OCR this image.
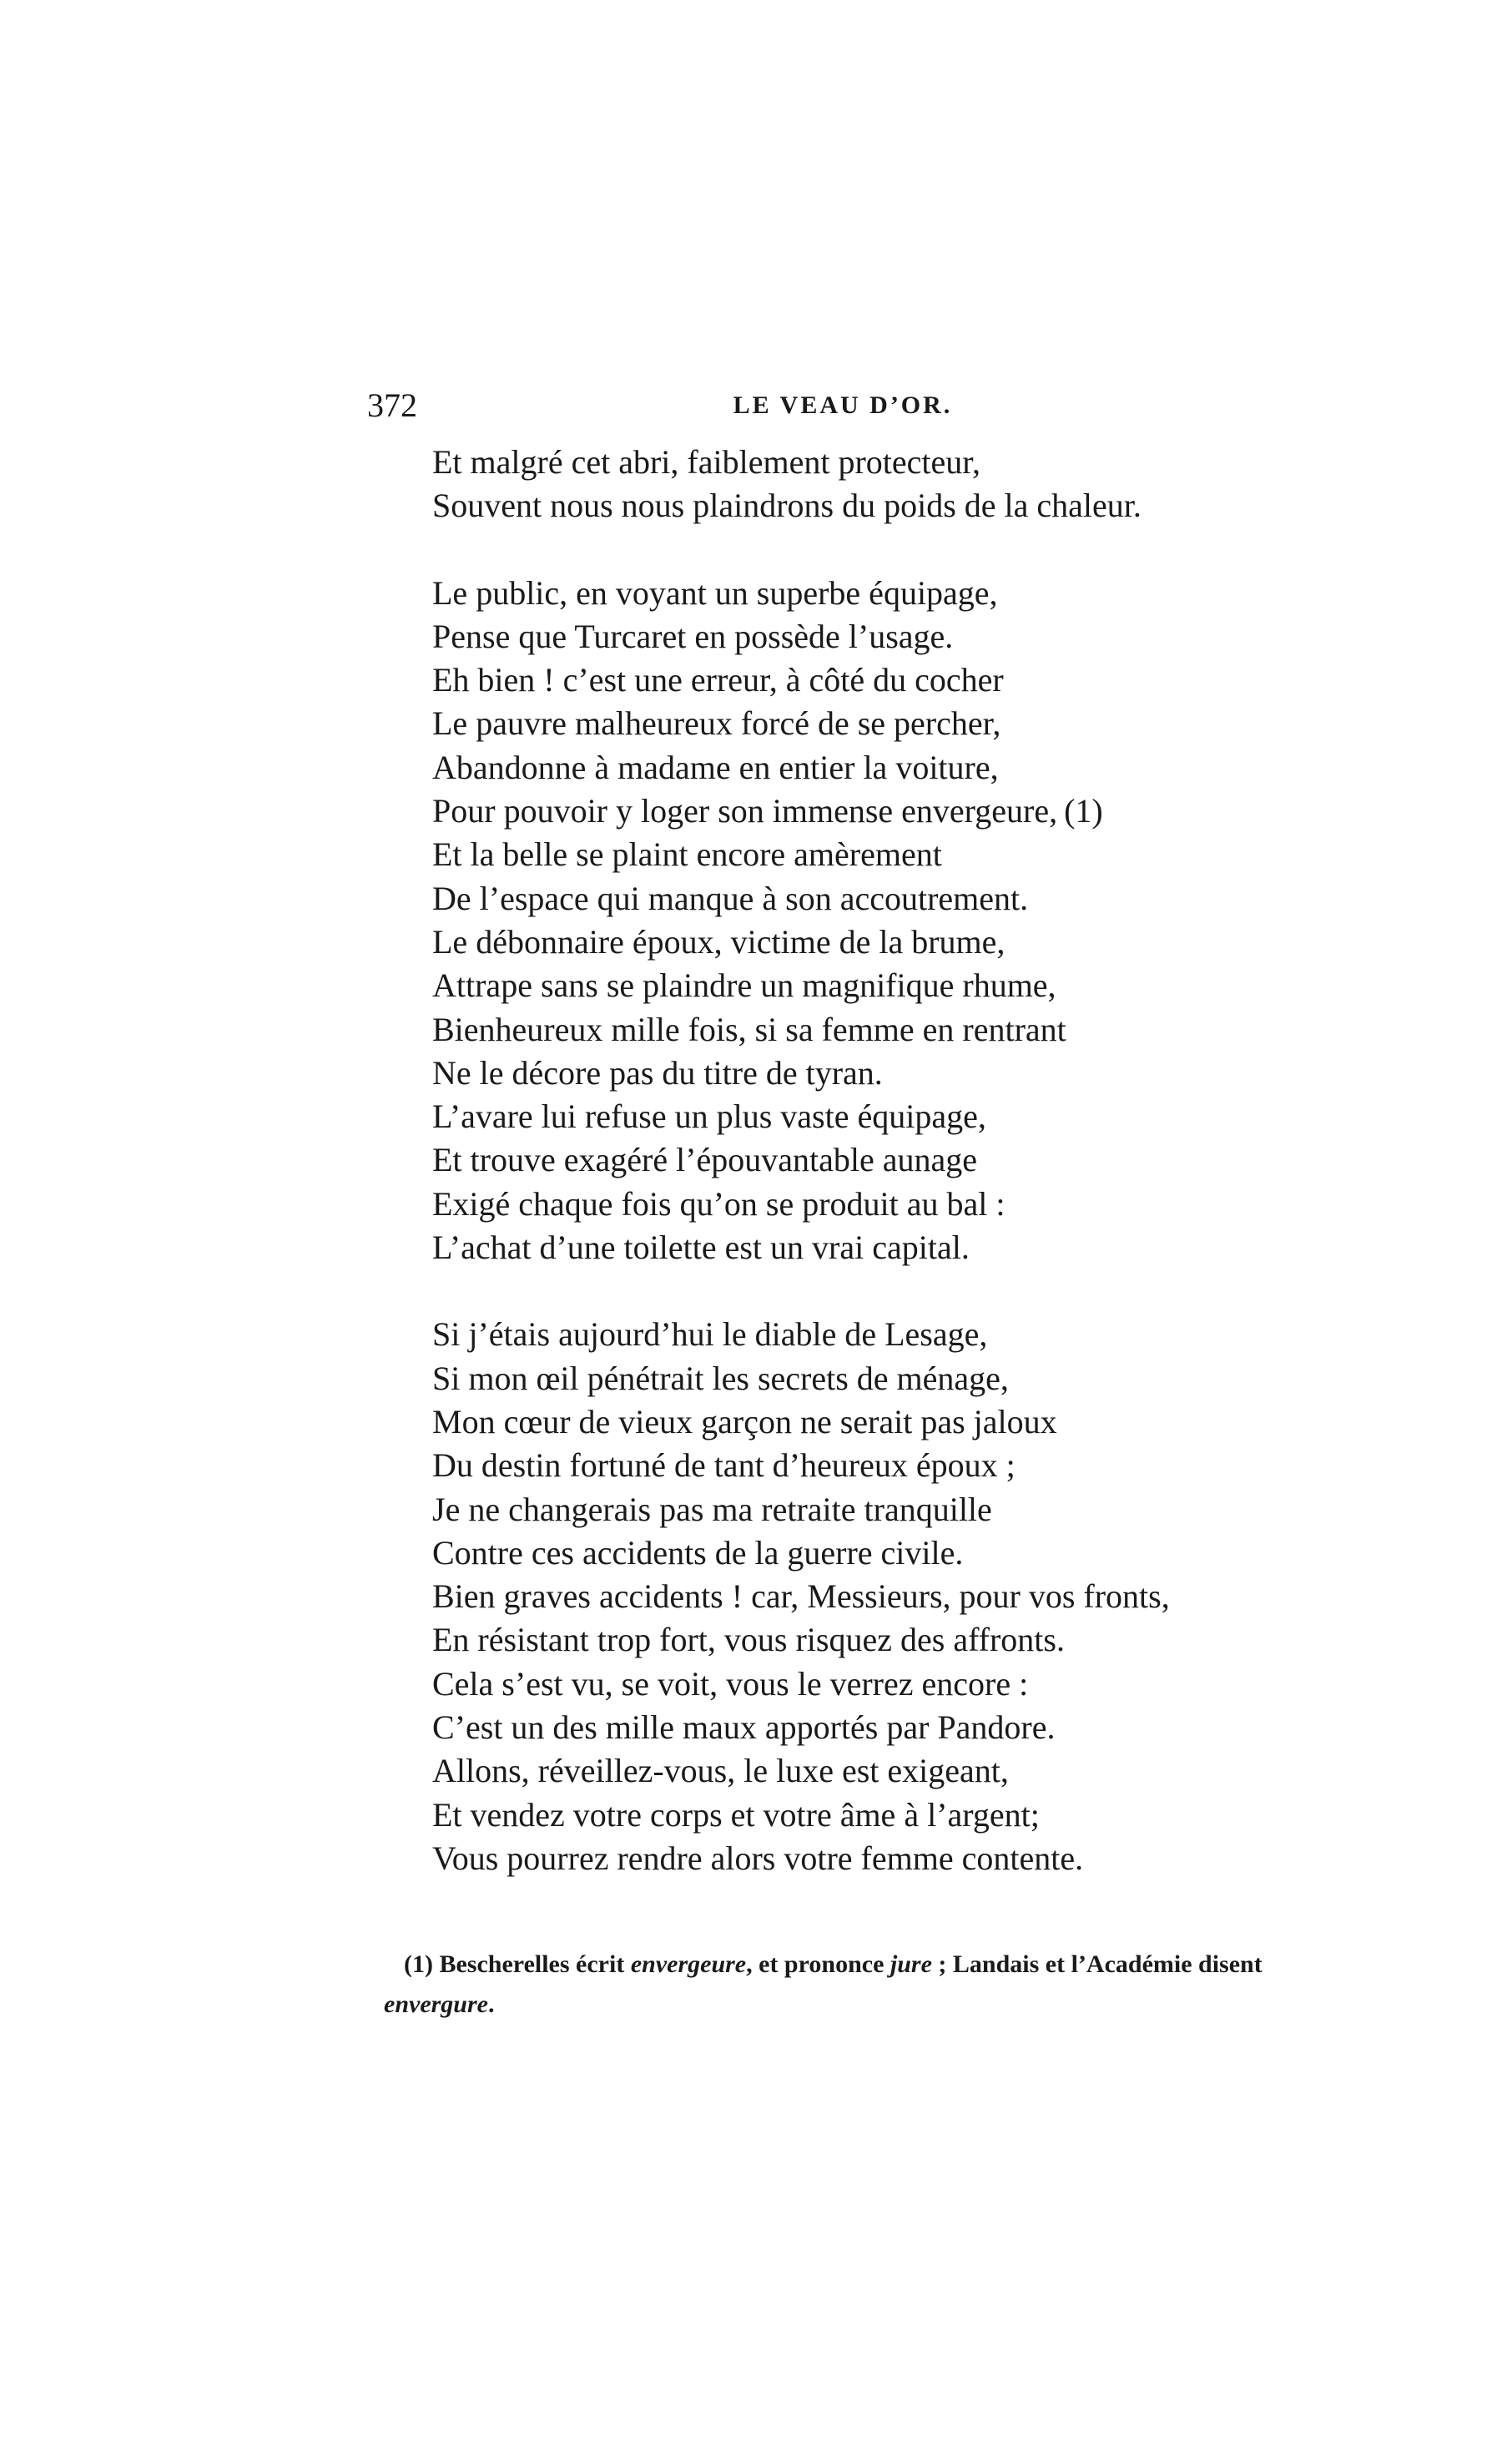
372	LE VEAU D’OR.

Et malgré cet abri, faiblement protecteur,
Souvent nous nous plaindrons du poids de la chaleur.

Le public, en voyant un superbe équipage,
Pense que Turcaret en possède l’usage.
Eh bien ! c’est une erreur, à côté du cocher
Le pauvre malheureux forcé de se percher,
Abandonne à madame en entier la voiture,
Pour pouvoir y loger son immense envergeure, (1)
Et la belle se plaint encore amèrement
De l’espace qui manque à son accoutrement.
Le débonnaire époux, victime de la brume,
Attrape sans se plaindre un magnifique rhume,
Bienheureux mille fois, si sa femme en rentrant
Ne le décore pas du titre de tyran.
L’avare lui refuse un plus vaste équipage,
Et trouve exagéré l’épouvantable aunage
Exigé chaque fois qu’on se produit au bal :
L’achat d’une toilette est un vrai capital.

Si j’étais aujourd’hui le diable de Lesage,
Si mon œil pénétrait les secrets de ménage,
Mon cœur de vieux garçon ne serait pas jaloux
Du destin fortuné de tant d’heureux époux ;
Je ne changerais pas ma retraite tranquille
Contre ces accidents de la guerre civile.
Bien graves accidents ! car, Messieurs, pour vos fronts,
En résistant trop fort, vous risquez des affronts.
Cela s’est vu, se voit, vous le verrez encore :
C’est un des mille maux apportés par Pandore.
Allons, réveillez-vous, le luxe est exigeant,
Et vendez votre corps et votre âme à l’argent;
Vous pourrez rendre alors votre femme contente.

(1) Bescherelles écrit envergeure, et prononce jure ; Landais et l’Académie disent envergure.
